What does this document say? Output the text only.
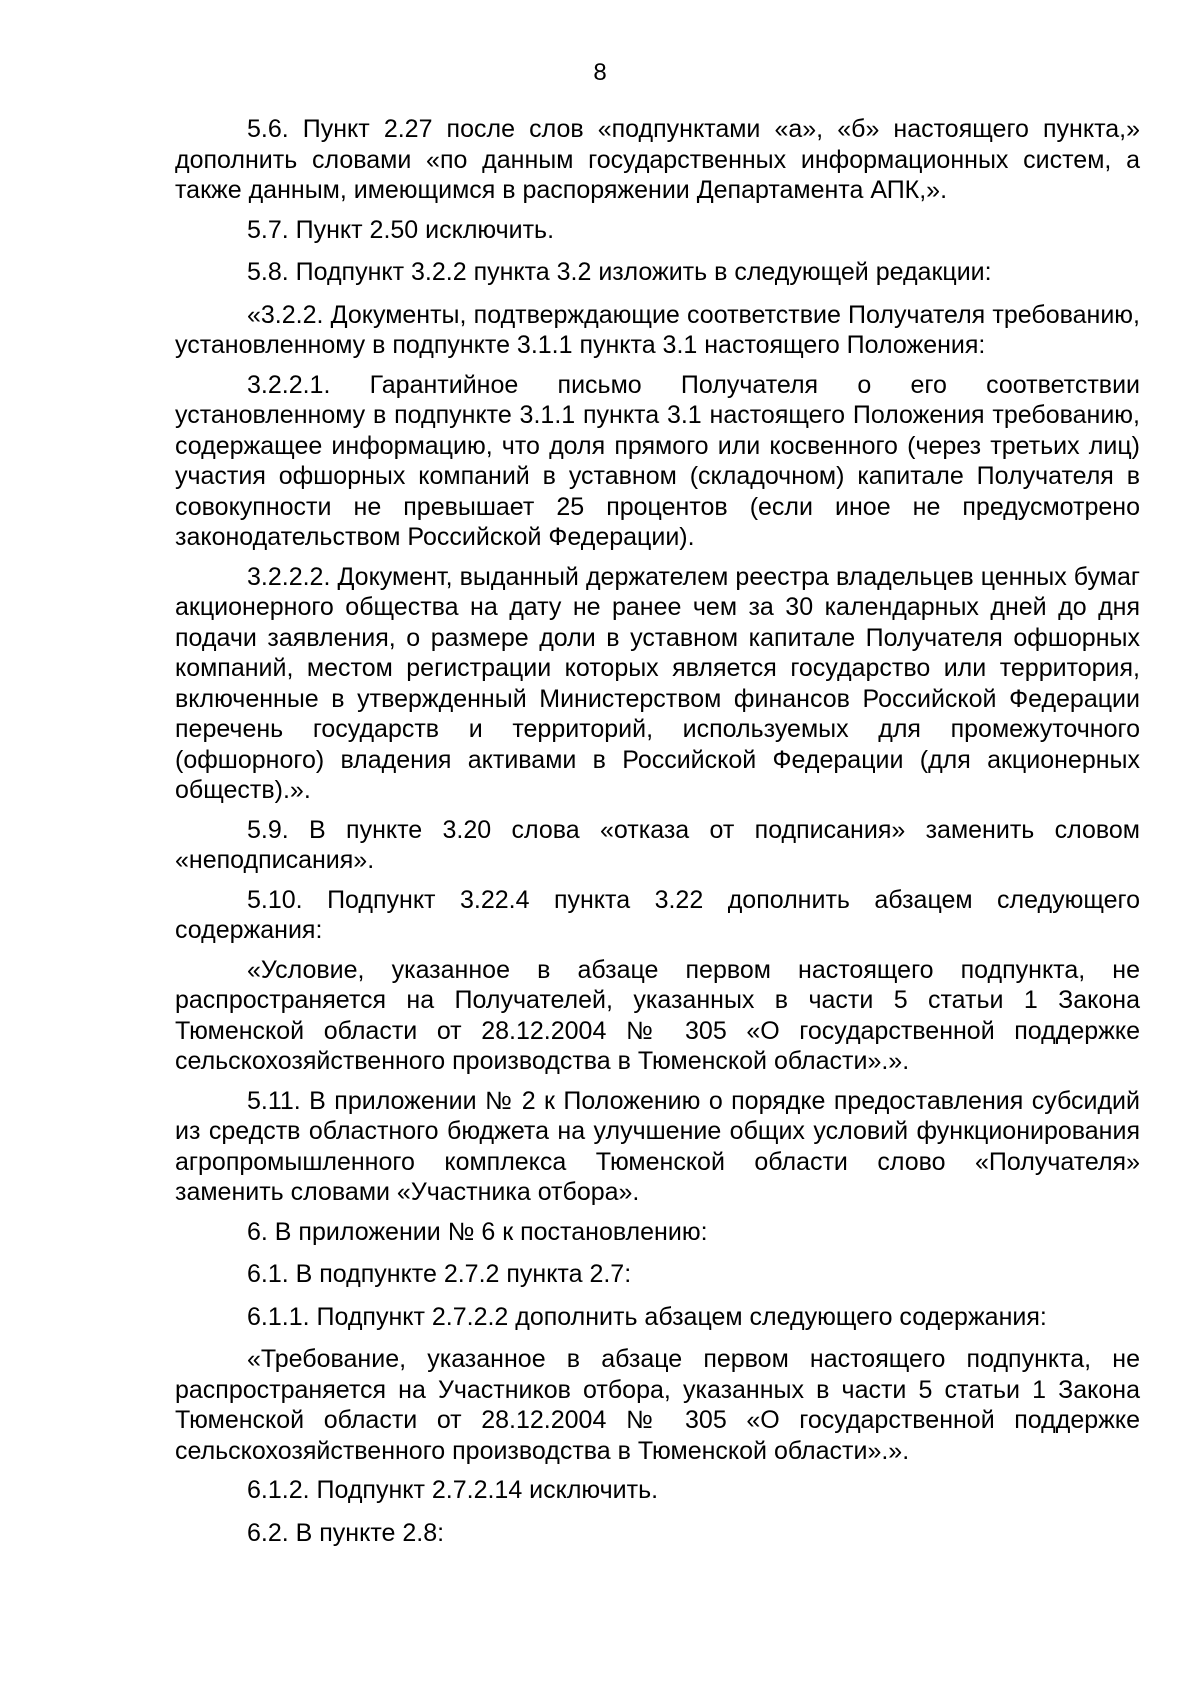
8

5.6. Пункт 2.27 после слов «подпунктами «а», «б» настоящего пункта,» дополнить словами «по данным государственных информационных систем, а также данным, имеющимся в распоряжении Департамента АПК,».

5.7. Пункт 2.50 исключить.

5.8. Подпункт 3.2.2 пункта 3.2 изложить в следующей редакции:

«3.2.2. Документы, подтверждающие соответствие Получателя требованию, установленному в подпункте 3.1.1 пункта 3.1 настоящего Положения:

3.2.2.1. Гарантийное письмо Получателя о его соответствии установленному в подпункте 3.1.1 пункта 3.1 настоящего Положения требованию, содержащее информацию, что доля прямого или косвенного (через третьих лиц) участия офшорных компаний в уставном (складочном) капитале Получателя в совокупности не превышает 25 процентов (если иное не предусмотрено законодательством Российской Федерации).

3.2.2.2. Документ, выданный держателем реестра владельцев ценных бумаг акционерного общества на дату не ранее чем за 30 календарных дней до дня подачи заявления, о размере доли в уставном капитале Получателя офшорных компаний, местом регистрации которых является государство или территория, включенные в утвержденный Министерством финансов Российской Федерации перечень государств и территорий, используемых для промежуточного (офшорного) владения активами в Российской Федерации (для акционерных обществ).».

5.9. В пункте 3.20 слова «отказа от подписания» заменить словом «неподписания».

5.10. Подпункт 3.22.4 пункта 3.22 дополнить абзацем следующего содержания:

«Условие, указанное в абзаце первом настоящего подпункта, не распространяется на Получателей, указанных в части 5 статьи 1 Закона Тюменской области от 28.12.2004 № 305 «О государственной поддержке сельскохозяйственного производства в Тюменской области».».

5.11. В приложении № 2 к Положению о порядке предоставления субсидий из средств областного бюджета на улучшение общих условий функционирования агропромышленного комплекса Тюменской области слово «Получателя» заменить словами «Участника отбора».

6. В приложении № 6 к постановлению:

6.1. В подпункте 2.7.2 пункта 2.7:

6.1.1. Подпункт 2.7.2.2 дополнить абзацем следующего содержания:

«Требование, указанное в абзаце первом настоящего подпункта, не распространяется на Участников отбора, указанных в части 5 статьи 1 Закона Тюменской области от 28.12.2004 № 305 «О государственной поддержке сельскохозяйственного производства в Тюменской области».».

6.1.2. Подпункт 2.7.2.14 исключить.

6.2. В пункте 2.8:
